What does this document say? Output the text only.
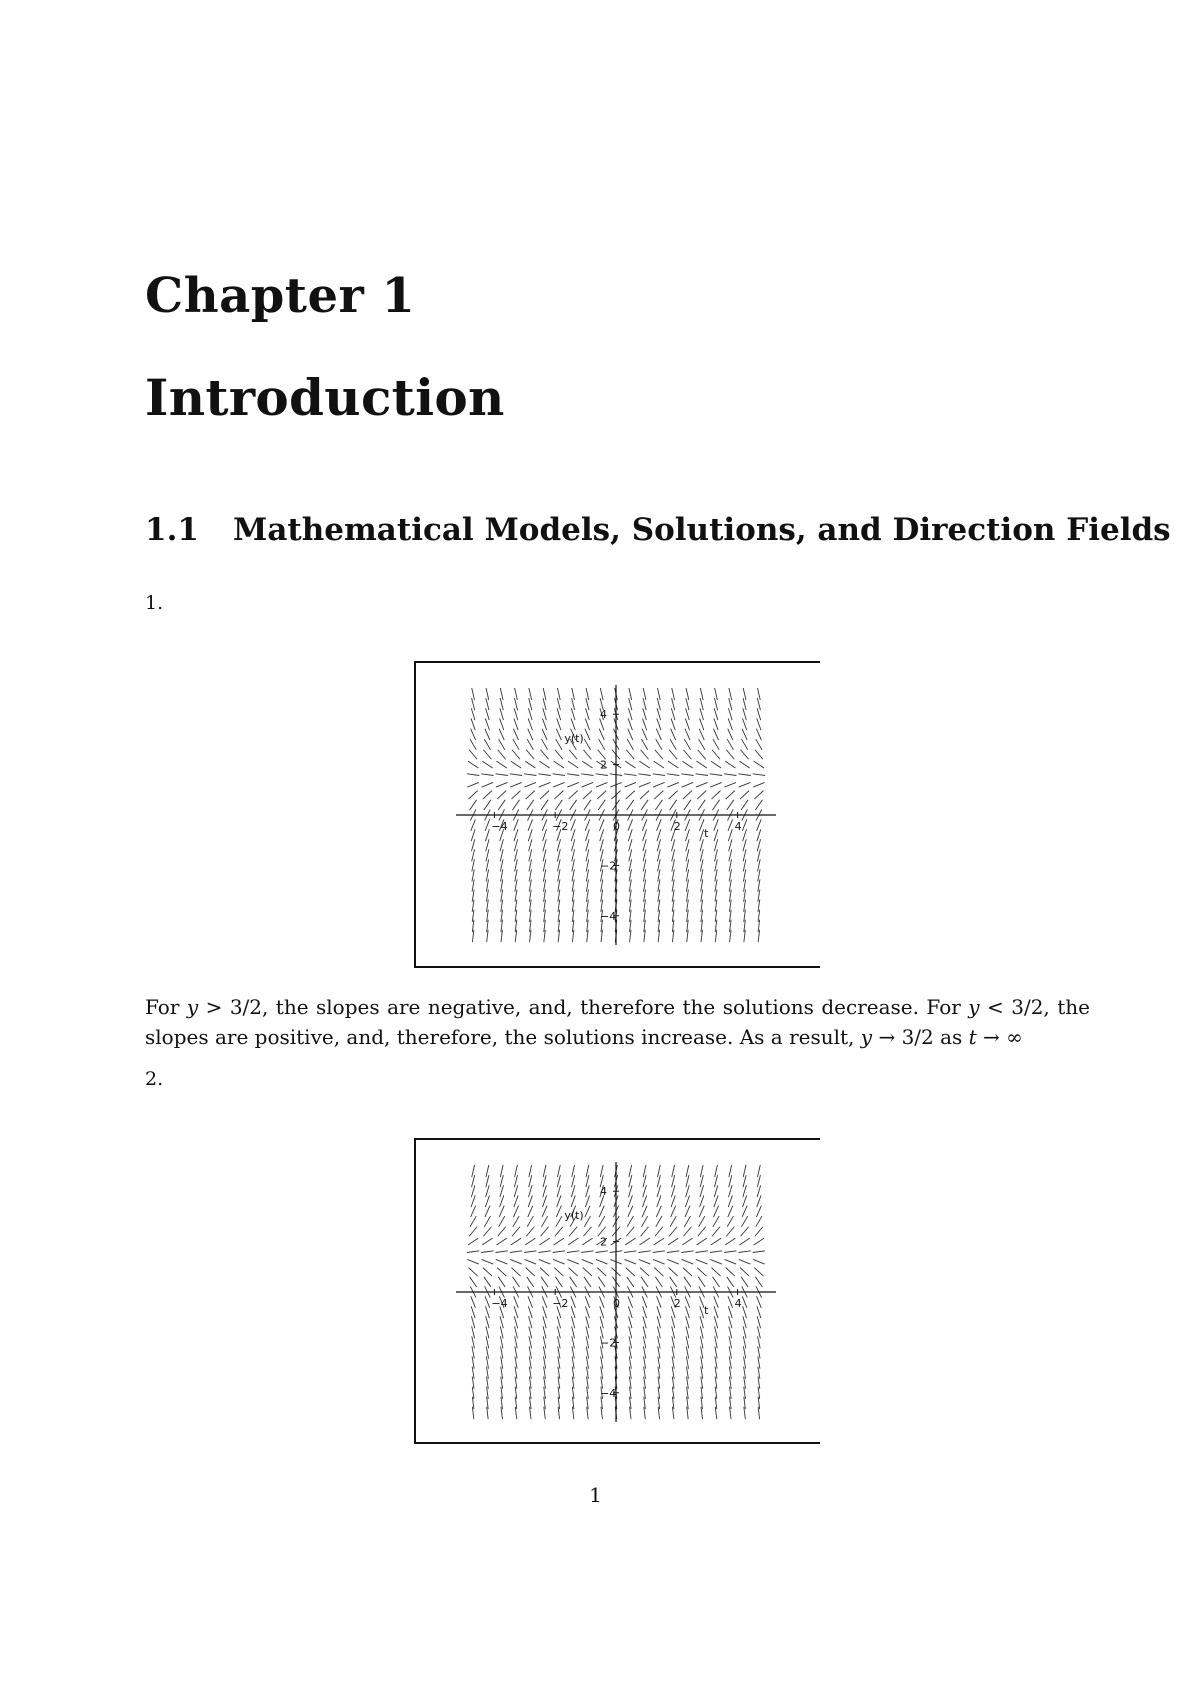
Chapter 1
Introduction
1.1 Mathematical Models, Solutions, and Direction Fields
1.
−4	−2	0	2	4
−4
−2
2
4
t
y(t)
For y > 3/2, the slopes are negative, and, therefore the solutions decrease. For y < 3/2, the slopes are positive, and, therefore, the solutions increase. As a result, y → 3/2 as t → ∞
2.
−4	−2	0	2	4
−4
−2
2
4
t
y(t)
1
